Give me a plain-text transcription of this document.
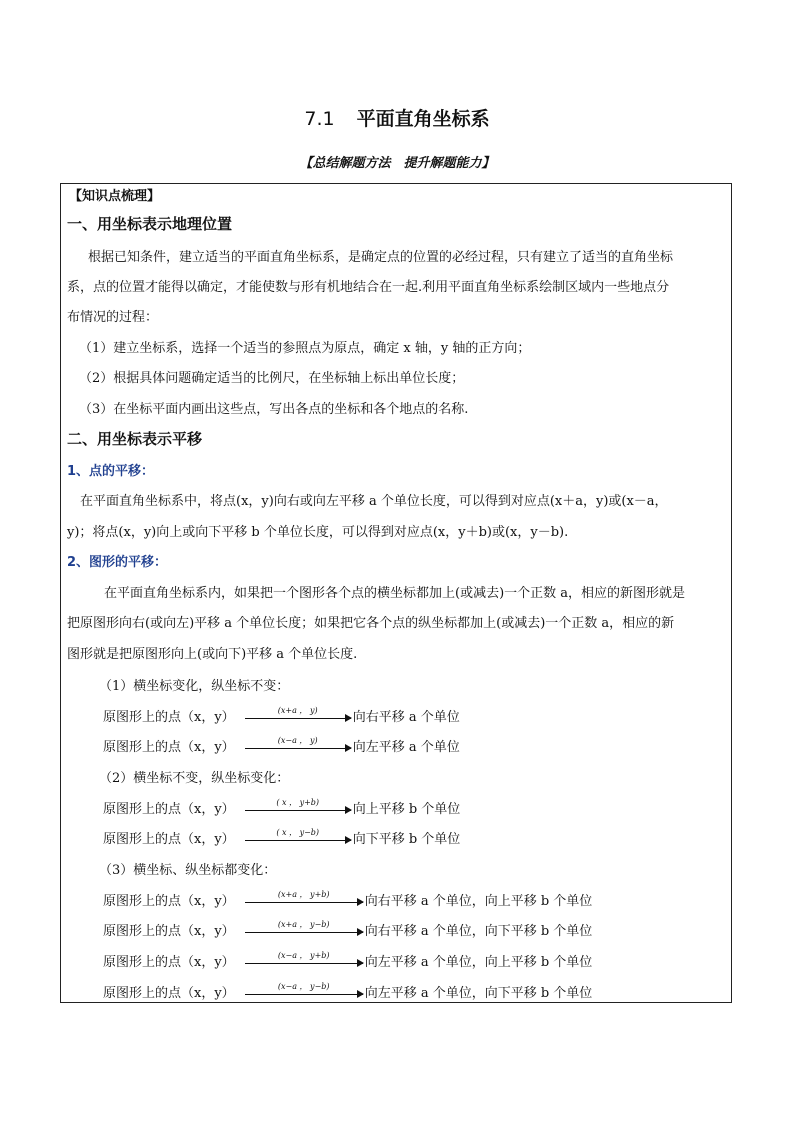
7.1 平面直角坐标系
【总结解题方法　提升解题能力】
【知识点梳理】
一、用坐标表示地理位置
根据已知条件，建立适当的平面直角坐标系，是确定点的位置的必经过程，只有建立了适当的直角坐标
系，点的位置才能得以确定，才能使数与形有机地结合在一起.利用平面直角坐标系绘制区域内一些地点分
布情况的过程：
（1）建立坐标系，选择一个适当的参照点为原点，确定 x 轴，y 轴的正方向；
（2）根据具体问题确定适当的比例尺，在坐标轴上标出单位长度；
（3）在坐标平面内画出这些点，写出各点的坐标和各个地点的名称.
二、用坐标表示平移
1、点的平移：
在平面直角坐标系中，将点(x，y)向右或向左平移 a 个单位长度，可以得到对应点(x＋a，y)或(x－a，
y)；将点(x，y)向上或向下平移 b 个单位长度，可以得到对应点(x，y＋b)或(x，y－b).
2、图形的平移：
在平面直角坐标系内，如果把一个图形各个点的横坐标都加上(或减去)一个正数 a，相应的新图形就是
把原图形向右(或向左)平移 a 个单位长度；如果把它各个点的纵坐标都加上(或减去)一个正数 a，相应的新
图形就是把原图形向上(或向下)平移 a 个单位长度.
（1）横坐标变化，纵坐标不变：
原图形上的点（x，y）	(x+a ， y)	向右平移 a 个单位
原图形上的点（x，y）	(x−a ， y)	向左平移 a 个单位
（2）横坐标不变，纵坐标变化：
原图形上的点（x，y）	( x ， y+b)	向上平移 b 个单位
原图形上的点（x，y）	( x ， y−b)	向下平移 b 个单位
（3）横坐标、纵坐标都变化：
原图形上的点（x，y）	(x+a ， y+b)	向右平移 a 个单位，向上平移 b 个单位
原图形上的点（x，y）	(x+a ， y−b)	向右平移 a 个单位，向下平移 b 个单位
原图形上的点（x，y）	(x−a ， y+b)	向左平移 a 个单位，向上平移 b 个单位
原图形上的点（x，y）	(x−a ， y−b)	向左平移 a 个单位，向下平移 b 个单位
